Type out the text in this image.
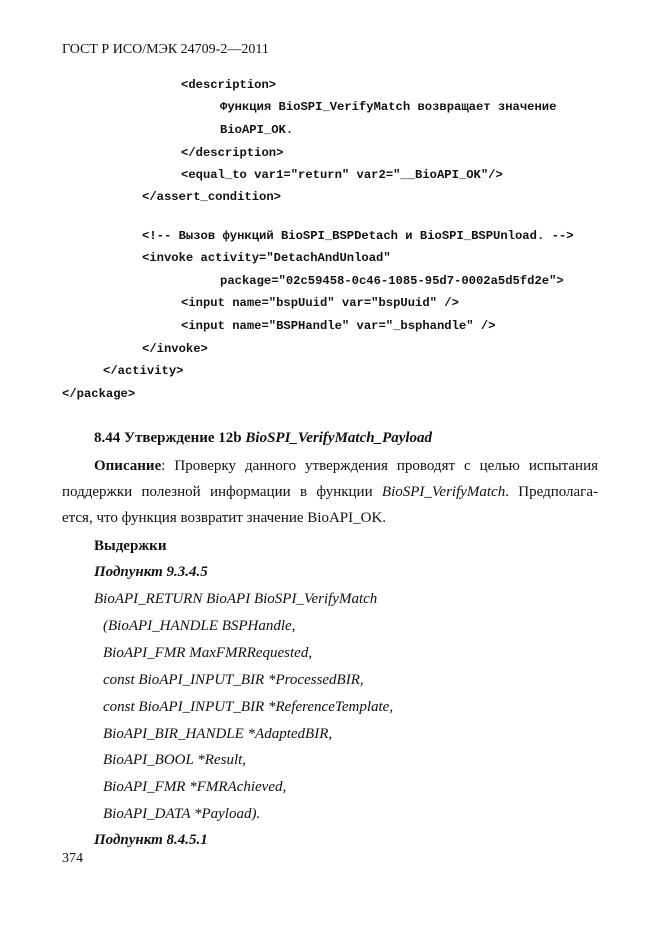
ГОСТ Р ИСО/МЭК 24709-2—2011
<description>
Функция BioSPI_VerifyMatch возвращает значение
BioAPI_OK.
</description>
<equal_to var1="return" var2="__BioAPI_OK"/>
</assert_condition>
<!-- Вызов функций BioSPI_BSPDetach и BioSPI_BSPUnload. -->
<invoke activity="DetachAndUnload"
package="02c59458-0c46-1085-95d7-0002a5d5fd2e">
<input name="bspUuid" var="bspUuid" />
<input name="BSPHandle" var="_bsphandle" />
</invoke>
</activity>
</package>
8.44 Утверждение 12b BioSPI_VerifyMatch_Payload
Описание: Проверку данного утверждения проводят с целью испытания
поддержки полезной информации в функции BioSPI_VerifyMatch. Предполага-
ется, что функция возвратит значение BioAPI_OK.
Выдержки
Подпункт 9.3.4.5
BioAPI_RETURN BioAPI BioSPI_VerifyMatch
(BioAPI_HANDLE BSPHandle,
BioAPI_FMR MaxFMRRequested,
const BioAPI_INPUT_BIR *ProcessedBIR,
const BioAPI_INPUT_BIR *ReferenceTemplate,
BioAPI_BIR_HANDLE *AdaptedBIR,
BioAPI_BOOL *Result,
BioAPI_FMR *FMRAchieved,
BioAPI_DATA *Payload).
Подпункт 8.4.5.1
374
